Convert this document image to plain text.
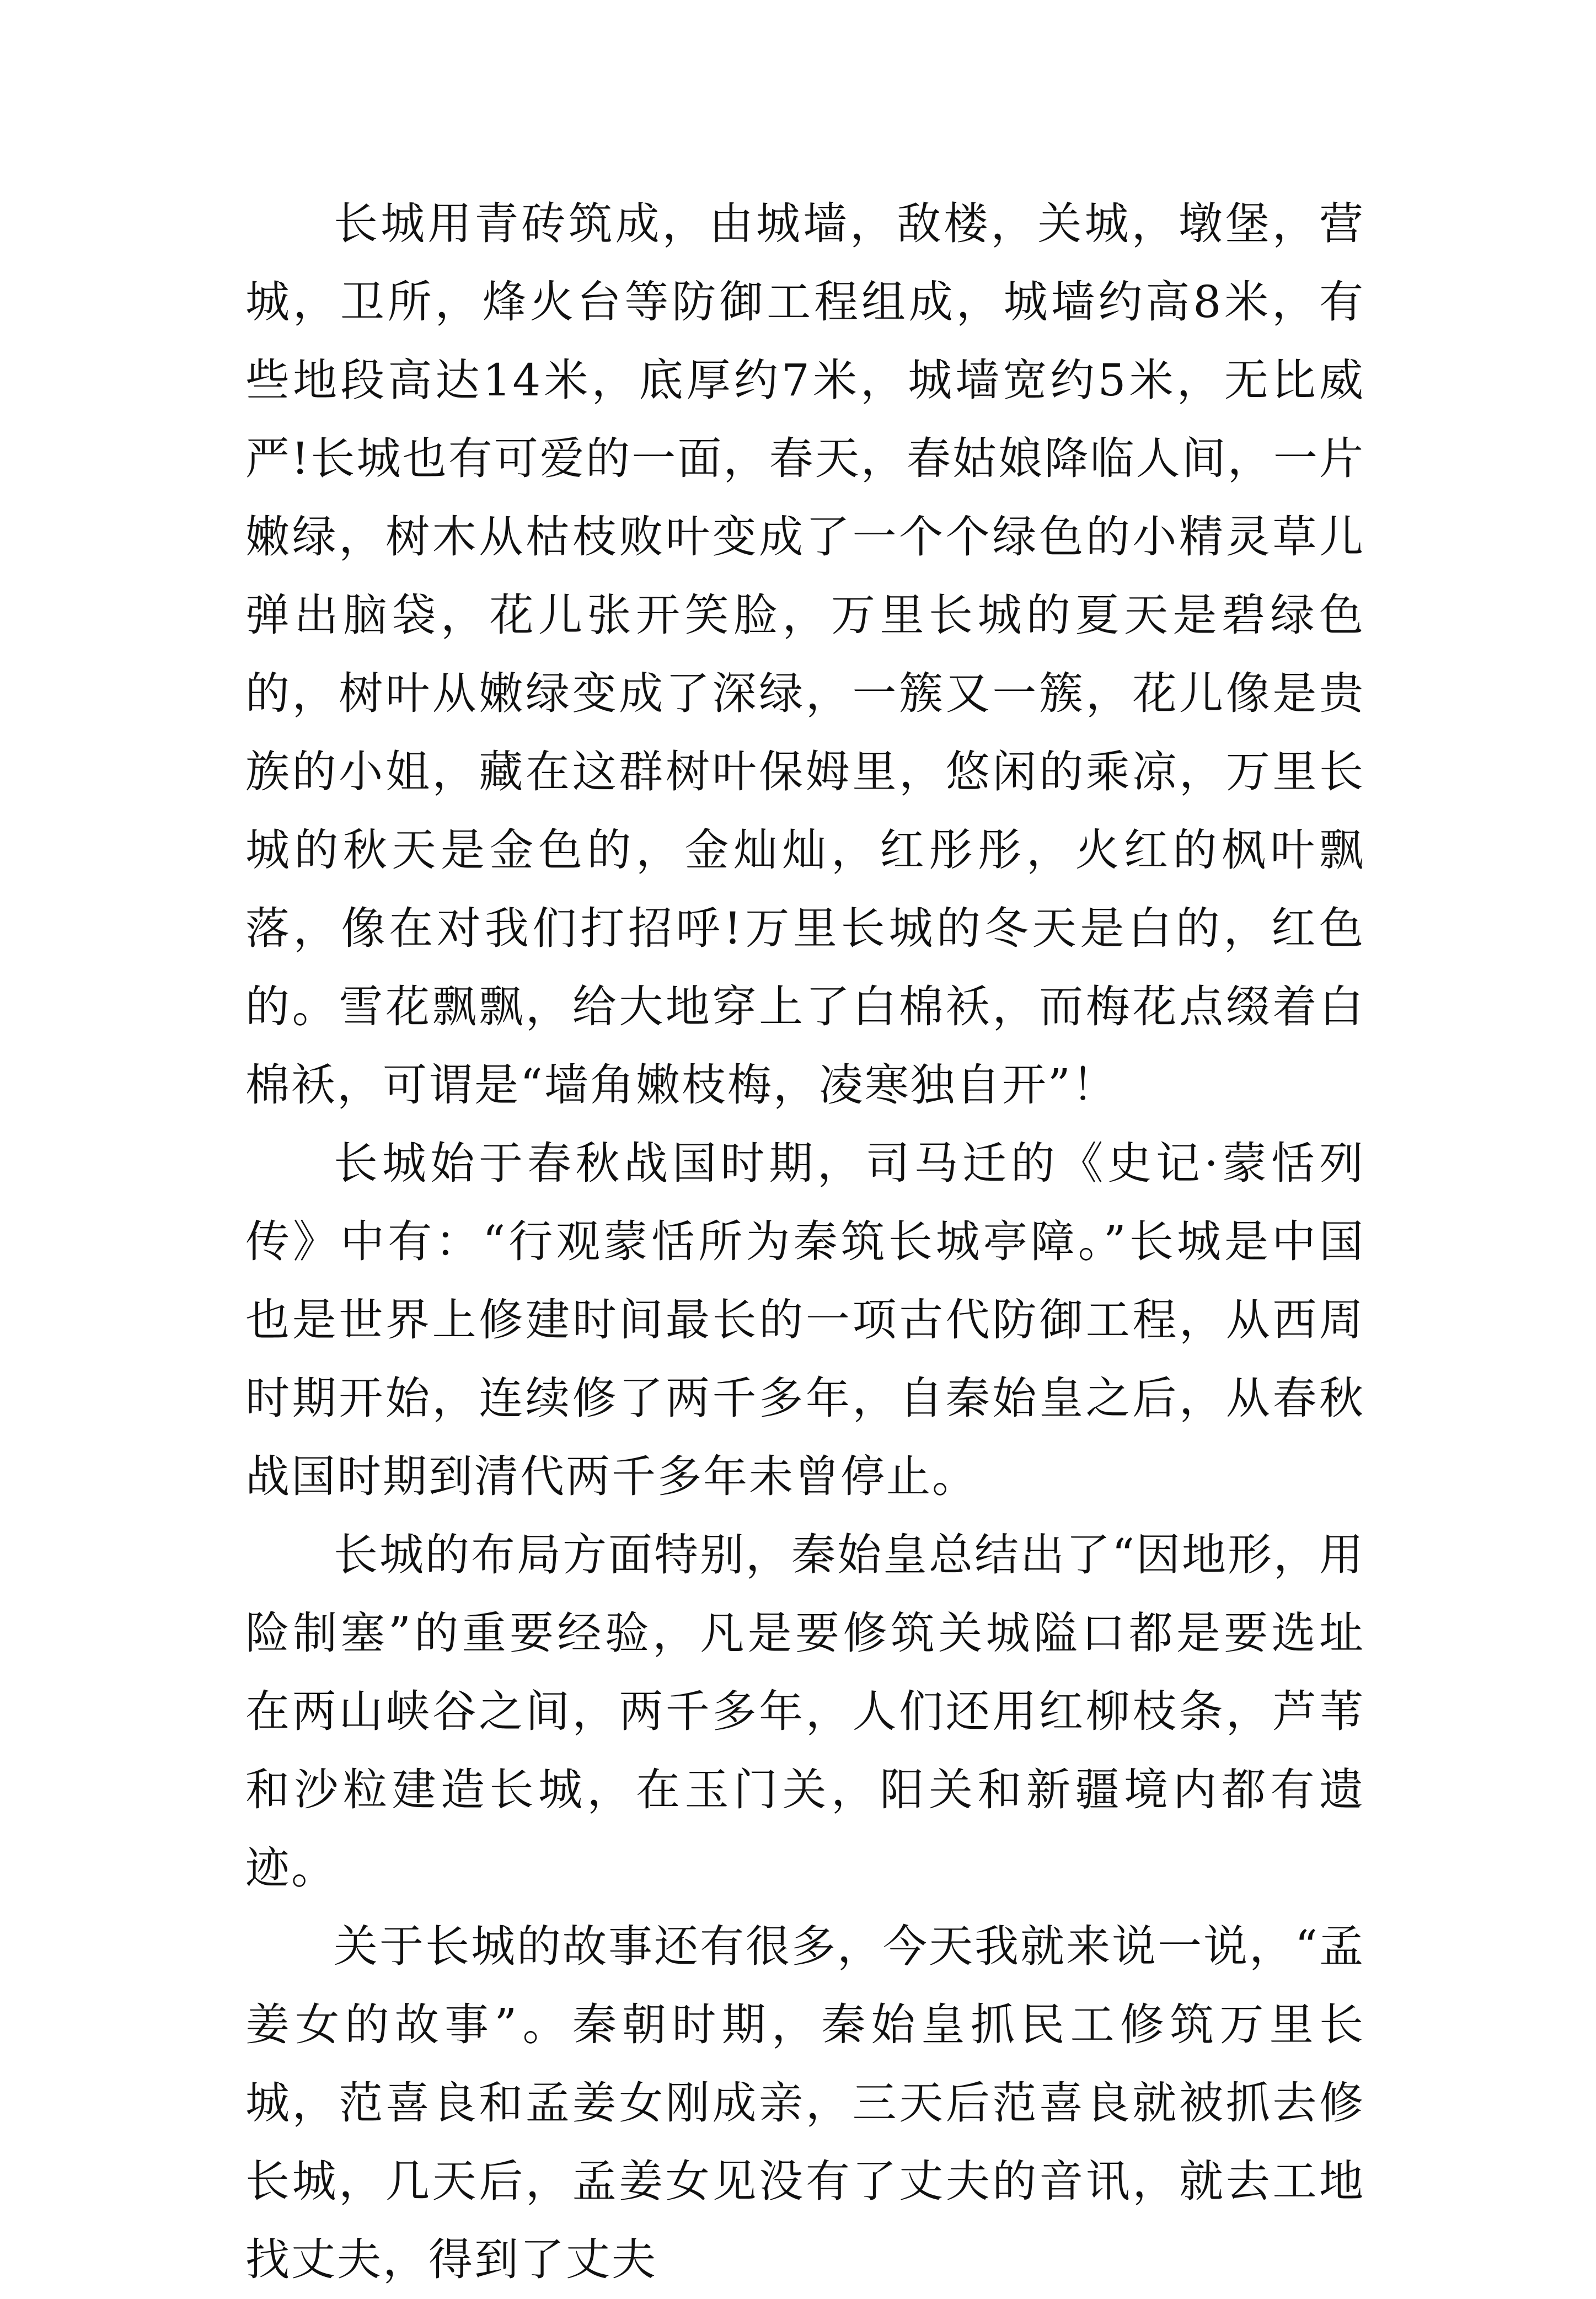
长城用青砖筑成，由城墙，敌楼，关城，墩堡，营城，卫所，烽火台等防御工程组成，城墙约高8米，有些地段高达14米，底厚约7米，城墙宽约5米，无比威严!长城也有可爱的一面，春天，春姑娘降临人间，一片嫩绿，树木从枯枝败叶变成了一个个绿色的小精灵草儿弹出脑袋，花儿张开笑脸，万里长城的夏天是碧绿色的，树叶从嫩绿变成了深绿，一簇又一簇，花儿像是贵族的小姐，藏在这群树叶保姆里，悠闲的乘凉，万里长城的秋天是金色的，金灿灿，红彤彤，火红的枫叶飘落，像在对我们打招呼!万里长城的冬天是白的，红色的。雪花飘飘，给大地穿上了白棉袄，而梅花点缀着白棉袄，可谓是“墙角嫩枝梅，凌寒独自开”！

长城始于春秋战国时期，司马迁的《史记·蒙恬列传》中有：“行观蒙恬所为秦筑长城亭障。”长城是中国也是世界上修建时间最长的一项古代防御工程，从西周时期开始，连续修了两千多年，自秦始皇之后，从春秋战国时期到清代两千多年未曾停止。

长城的布局方面特别，秦始皇总结出了“因地形，用险制塞”的重要经验，凡是要修筑关城隘口都是要选址在两山峡谷之间，两千多年，人们还用红柳枝条，芦苇和沙粒建造长城，在玉门关，阳关和新疆境内都有遗迹。

关于长城的故事还有很多，今天我就来说一说，“孟姜女的故事”。秦朝时期，秦始皇抓民工修筑万里长城，范喜良和孟姜女刚成亲，三天后范喜良就被抓去修长城，几天后，孟姜女见没有了丈夫的音讯，就去工地找丈夫，得到了丈夫
